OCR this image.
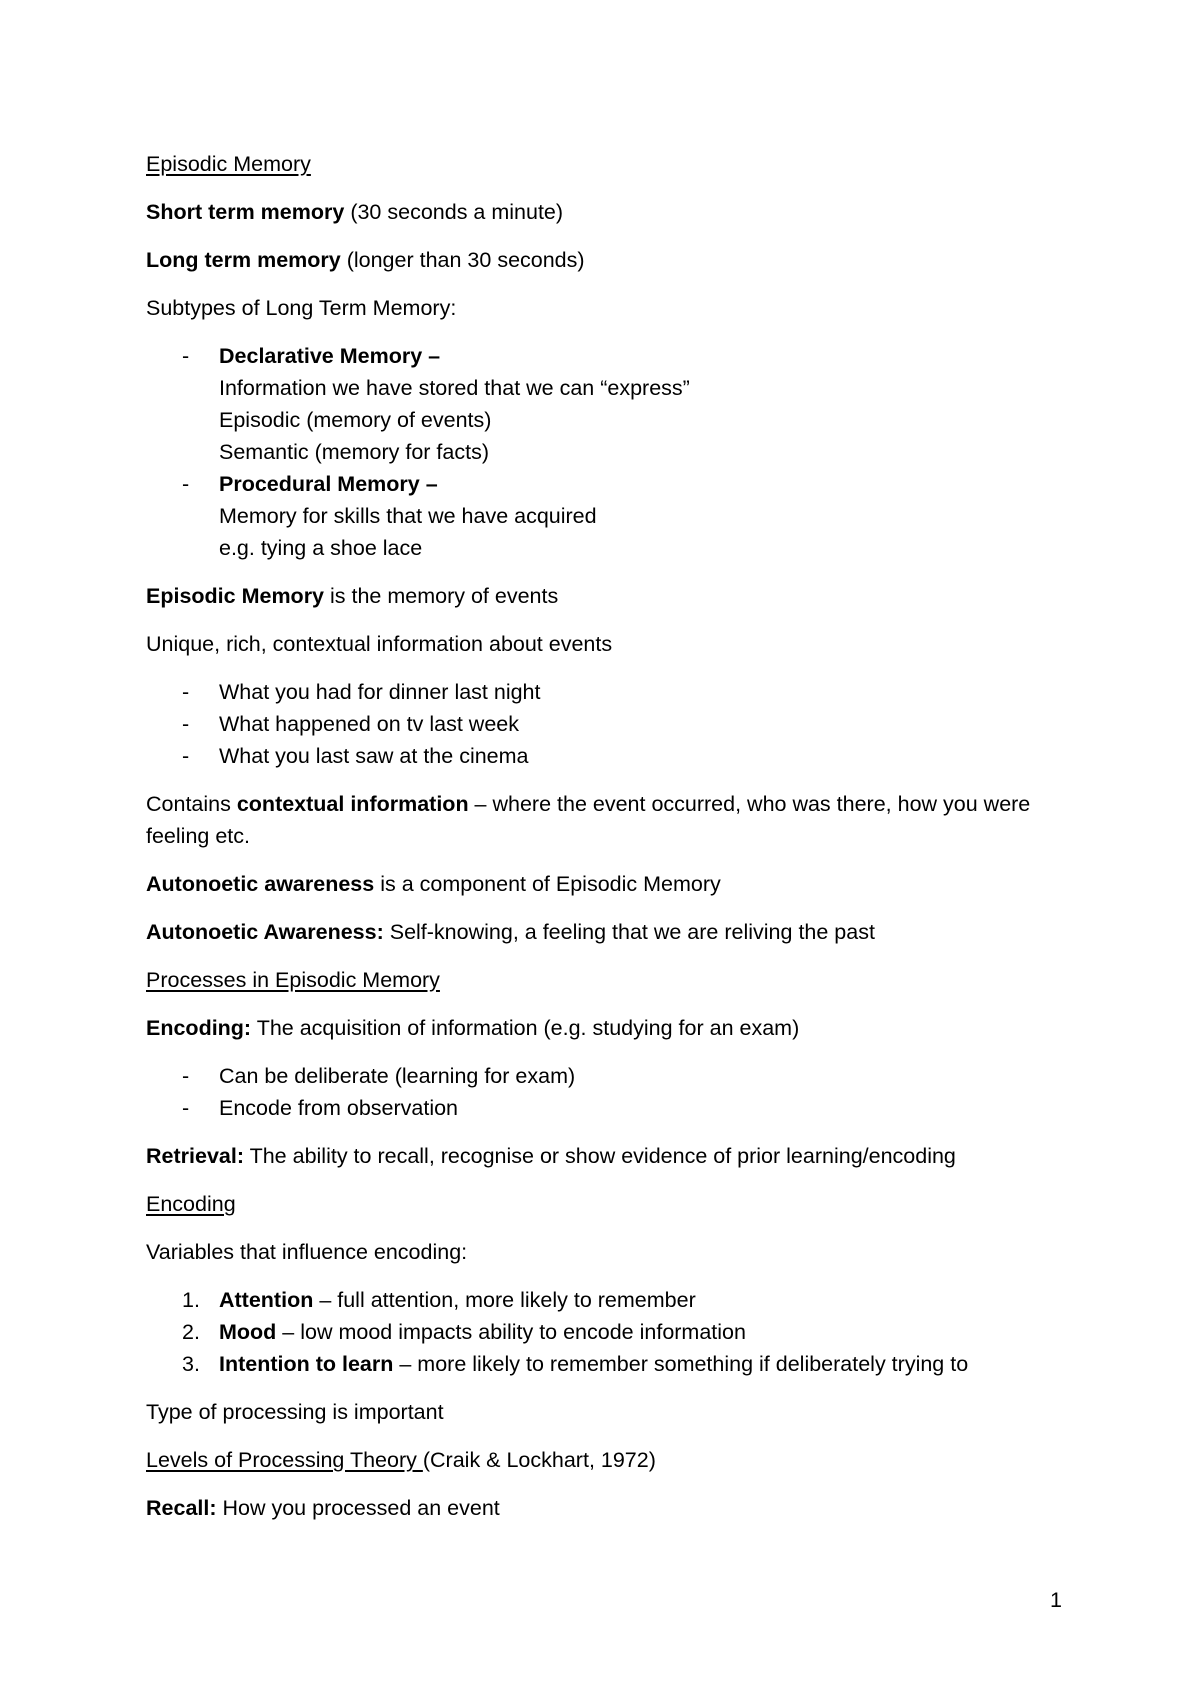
Episodic Memory

Short term memory (30 seconds a minute)

Long term memory (longer than 30 seconds)

Subtypes of Long Term Memory:

-	Declarative Memory –
Information we have stored that we can “express”
Episodic (memory of events)
Semantic (memory for facts)
-	Procedural Memory –
Memory for skills that we have acquired
e.g. tying a shoe lace

Episodic Memory is the memory of events

Unique, rich, contextual information about events

-	What you had for dinner last night
-	What happened on tv last week
-	What you last saw at the cinema

Contains contextual information – where the event occurred, who was there, how you were feeling etc.

Autonoetic awareness is a component of Episodic Memory

Autonoetic Awareness: Self-knowing, a feeling that we are reliving the past

Processes in Episodic Memory

Encoding: The acquisition of information (e.g. studying for an exam)

-	Can be deliberate (learning for exam)
-	Encode from observation

Retrieval: The ability to recall, recognise or show evidence of prior learning/encoding

Encoding

Variables that influence encoding:

1. Attention – full attention, more likely to remember
2. Mood – low mood impacts ability to encode information
3. Intention to learn – more likely to remember something if deliberately trying to

Type of processing is important

Levels of Processing Theory (Craik & Lockhart, 1972)

Recall: How you processed an event

1
